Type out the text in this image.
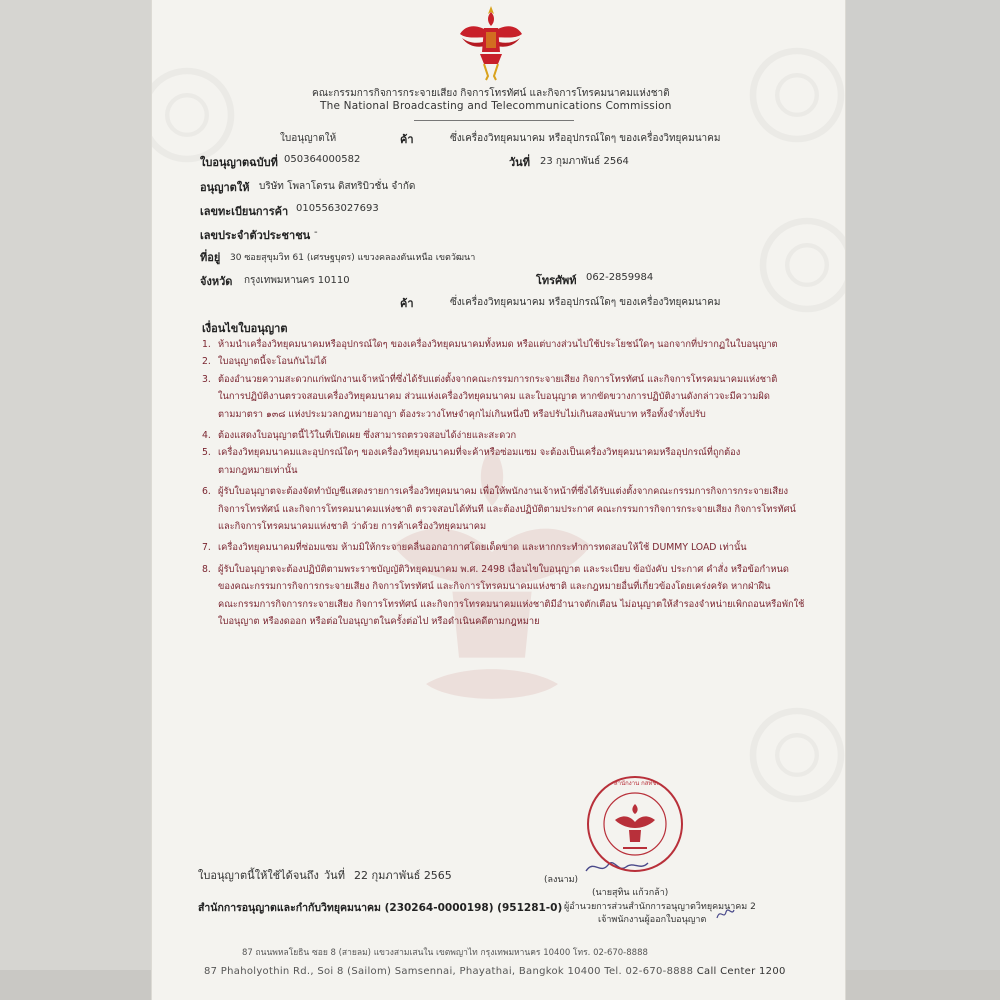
คณะกรรมการกิจการกระจายเสียง กิจการโทรทัศน์ และกิจการโทรคมนาคมแห่งชาติ
The National Broadcasting and Telecommunications Commission
ใบอนุญาตให้	ค้า	ซึ่งเครื่องวิทยุคมนาคม หรืออุปกรณ์ใดๆ ของเครื่องวิทยุคมนาคม
ใบอนุญาตฉบับที่ 050364000582	วันที่ 23 กุมภาพันธ์ 2564
อนุญาตให้ บริษัท โพลาโดรน ดิสทริบิวชั่น จำกัด
เลขทะเบียนการค้า 0105563027693
เลขประจำตัวประชาชน -
ที่อยู่ 30 ซอยสุขุมวิท 61 (เศรษฐบุตร) แขวงคลองตันเหนือ เขตวัฒนา
จังหวัด กรุงเทพมหานคร 10110	โทรศัพท์ 062-2859984
ค้า	ซึ่งเครื่องวิทยุคมนาคม หรืออุปกรณ์ใดๆ ของเครื่องวิทยุคมนาคม
เงื่อนไขใบอนุญาต
1. ห้ามนำเครื่องวิทยุคมนาคมหรืออุปกรณ์ใดๆ ของเครื่องวิทยุคมนาคมทั้งหมด หรือแต่บางส่วนไปใช้ประโยชน์ใดๆ นอกจากที่ปรากฏในใบอนุญาต
2. ใบอนุญาตนี้จะโอนกันไม่ได้
3. ต้องอำนวยความสะดวกแก่พนักงานเจ้าหน้าที่ซึ่งได้รับแต่งตั้งจากคณะกรรมการกระจายเสียง กิจการโทรทัศน์ และกิจการโทรคมนาคมแห่งชาติ
ในการปฏิบัติงานตรวจสอบเครื่องวิทยุคมนาคม ส่วนแห่งเครื่องวิทยุคมนาคม และใบอนุญาต หากขัดขวางการปฏิบัติงานดังกล่าวจะมีความผิด
ตามมาตรา ๑๓๘ แห่งประมวลกฎหมายอาญา ต้องระวางโทษจำคุกไม่เกินหนึ่งปี หรือปรับไม่เกินสองพันบาท หรือทั้งจำทั้งปรับ
4. ต้องแสดงใบอนุญาตนี้ไว้ในที่เปิดเผย ซึ่งสามารถตรวจสอบได้ง่ายและสะดวก
5. เครื่องวิทยุคมนาคมและอุปกรณ์ใดๆ ของเครื่องวิทยุคมนาคมที่จะค้าหรือซ่อมแซม จะต้องเป็นเครื่องวิทยุคมนาคมหรืออุปกรณ์ที่ถูกต้อง
ตามกฎหมายเท่านั้น
6. ผู้รับใบอนุญาตจะต้องจัดทำบัญชีแสดงรายการเครื่องวิทยุคมนาคม เพื่อให้พนักงานเจ้าหน้าที่ซึ่งได้รับแต่งตั้งจากคณะกรรมการกิจการกระจายเสียง
กิจการโทรทัศน์ และกิจการโทรคมนาคมแห่งชาติ ตรวจสอบได้ทันที และต้องปฏิบัติตามประกาศ คณะกรรมการกิจการกระจายเสียง กิจการโทรทัศน์
และกิจการโทรคมนาคมแห่งชาติ ว่าด้วย การค้าเครื่องวิทยุคมนาคม
7. เครื่องวิทยุคมนาคมที่ซ่อมแซม ห้ามมิให้กระจายคลื่นออกอากาศโดยเด็ดขาด และหากกระทำการทดสอบให้ใช้ DUMMY LOAD เท่านั้น
8. ผู้รับใบอนุญาตจะต้องปฏิบัติตามพระราชบัญญัติวิทยุคมนาคม พ.ศ. 2498 เงื่อนไขใบอนุญาต และระเบียบ ข้อบังคับ ประกาศ คำสั่ง หรือข้อกำหนด
ของคณะกรรมการกิจการกระจายเสียง กิจการโทรทัศน์ และกิจการโทรคมนาคมแห่งชาติ และกฎหมายอื่นที่เกี่ยวข้องโดยเคร่งครัด หากฝ่าฝืน
คณะกรรมการกิจการกระจายเสียง กิจการโทรทัศน์ และกิจการโทรคมนาคมแห่งชาติมีอำนาจตักเตือน ไม่อนุญาตให้สำรองจำหน่ายเพิกถอนหรือพักใช้
ใบอนุญาต หรืองดออก หรือต่อใบอนุญาตในครั้งต่อไป หรือดำเนินคดีตามกฎหมาย
ใบอนุญาตนี้ให้ใช้ได้จนถึง วันที่ 22 กุมภาพันธ์ 2565
สำนักการอนุญาตและกำกับวิทยุคมนาคม (230264-0000198) (951281-0)
(ลงนาม)
(นายสุทิน แก้วกล้า)
ผู้อำนวยการส่วนสำนักการอนุญาตวิทยุคมนาคม 2
เจ้าพนักงานผู้ออกใบอนุญาต
สำนักงาน กสทช.
87 ถนนพหลโยธิน ซอย 8 (สายลม) แขวงสามเสนใน เขตพญาไท กรุงเทพมหานคร 10400 โทร. 02-670-8888
87 Phaholyothin Rd., Soi 8 (Sailom) Samsennai, Phayathai, Bangkok 10400 Tel. 02-670-8888 Call Center 1200
